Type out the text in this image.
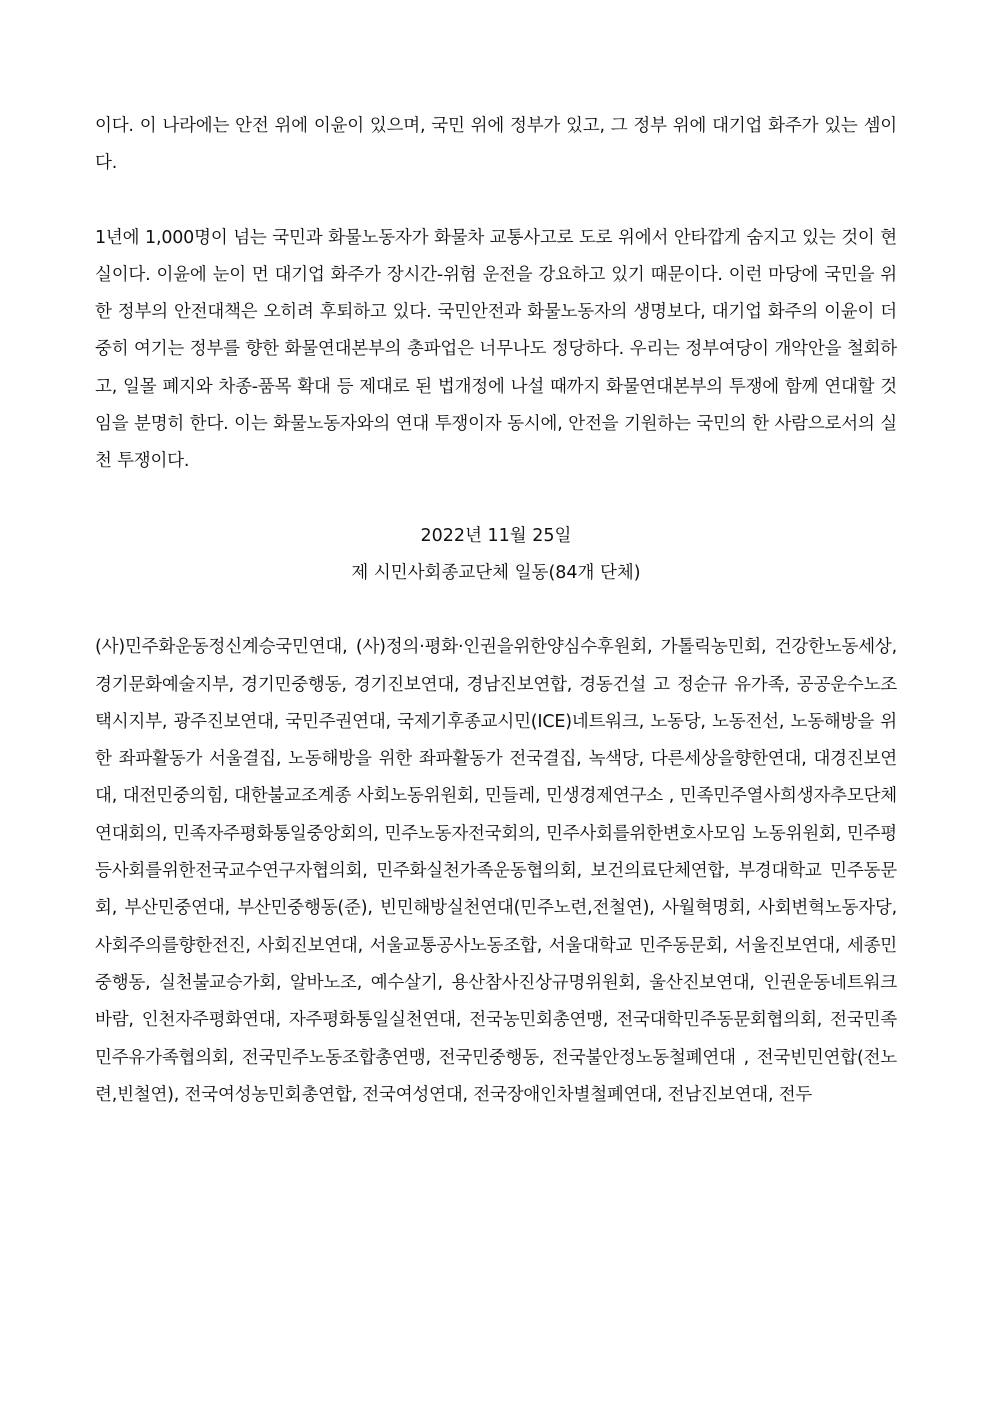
이다. 이 나라에는 안전 위에 이윤이 있으며, 국민 위에 정부가 있고, 그 정부 위에 대기업 화주가 있는 셈이다.

1년에 1,000명이 넘는 국민과 화물노동자가 화물차 교통사고로 도로 위에서 안타깝게 숨지고 있는 것이 현실이다. 이윤에 눈이 먼 대기업 화주가 장시간-위험 운전을 강요하고 있기 때문이다. 이런 마당에 국민을 위한 정부의 안전대책은 오히려 후퇴하고 있다. 국민안전과 화물노동자의 생명보다, 대기업 화주의 이윤이 더 중히 여기는 정부를 향한 화물연대본부의 총파업은 너무나도 정당하다. 우리는 정부여당이 개악안을 철회하고, 일몰 폐지와 차종-품목 확대 등 제대로 된 법개정에 나설 때까지 화물연대본부의 투쟁에 함께 연대할 것임을 분명히 한다. 이는 화물노동자와의 연대 투쟁이자 동시에, 안전을 기원하는 국민의 한 사람으로서의 실천 투쟁이다.

2022년 11월 25일
제 시민사회종교단체 일동(84개 단체)

(사)민주화운동정신계승국민연대, (사)정의·평화·인권을위한양심수후원회, 가톨릭농민회, 건강한노동세상, 경기문화예술지부, 경기민중행동, 경기진보연대, 경남진보연합, 경동건설 고 정순규 유가족, 공공운수노조 택시지부, 광주진보연대, 국민주권연대, 국제기후종교시민(ICE)네트워크, 노동당, 노동전선, 노동해방을 위한 좌파활동가 서울결집, 노동해방을 위한 좌파활동가 전국결집, 녹색당, 다른세상을향한연대, 대경진보연대, 대전민중의힘, 대한불교조계종 사회노동위원회, 민들레, 민생경제연구소 , 민족민주열사희생자추모단체연대회의, 민족자주평화통일중앙회의, 민주노동자전국회의, 민주사회를위한변호사모임 노동위원회, 민주평등사회를위한전국교수연구자협의회, 민주화실천가족운동협의회, 보건의료단체연합, 부경대학교 민주동문회, 부산민중연대, 부산민중행동(준), 빈민해방실천연대(민주노련,전철연), 사월혁명회, 사회변혁노동자당, 사회주의를향한전진, 사회진보연대, 서울교통공사노동조합, 서울대학교 민주동문회, 서울진보연대, 세종민중행동, 실천불교승가회, 알바노조, 예수살기, 용산참사진상규명위원회, 울산진보연대, 인권운동네트워크 바람, 인천자주평화연대, 자주평화통일실천연대, 전국농민회총연맹, 전국대학민주동문회협의회, 전국민족민주유가족협의회, 전국민주노동조합총연맹, 전국민중행동, 전국불안정노동철폐연대 , 전국빈민연합(전노련,빈철연), 전국여성농민회총연합, 전국여성연대, 전국장애인차별철폐연대, 전남진보연대, 전두
